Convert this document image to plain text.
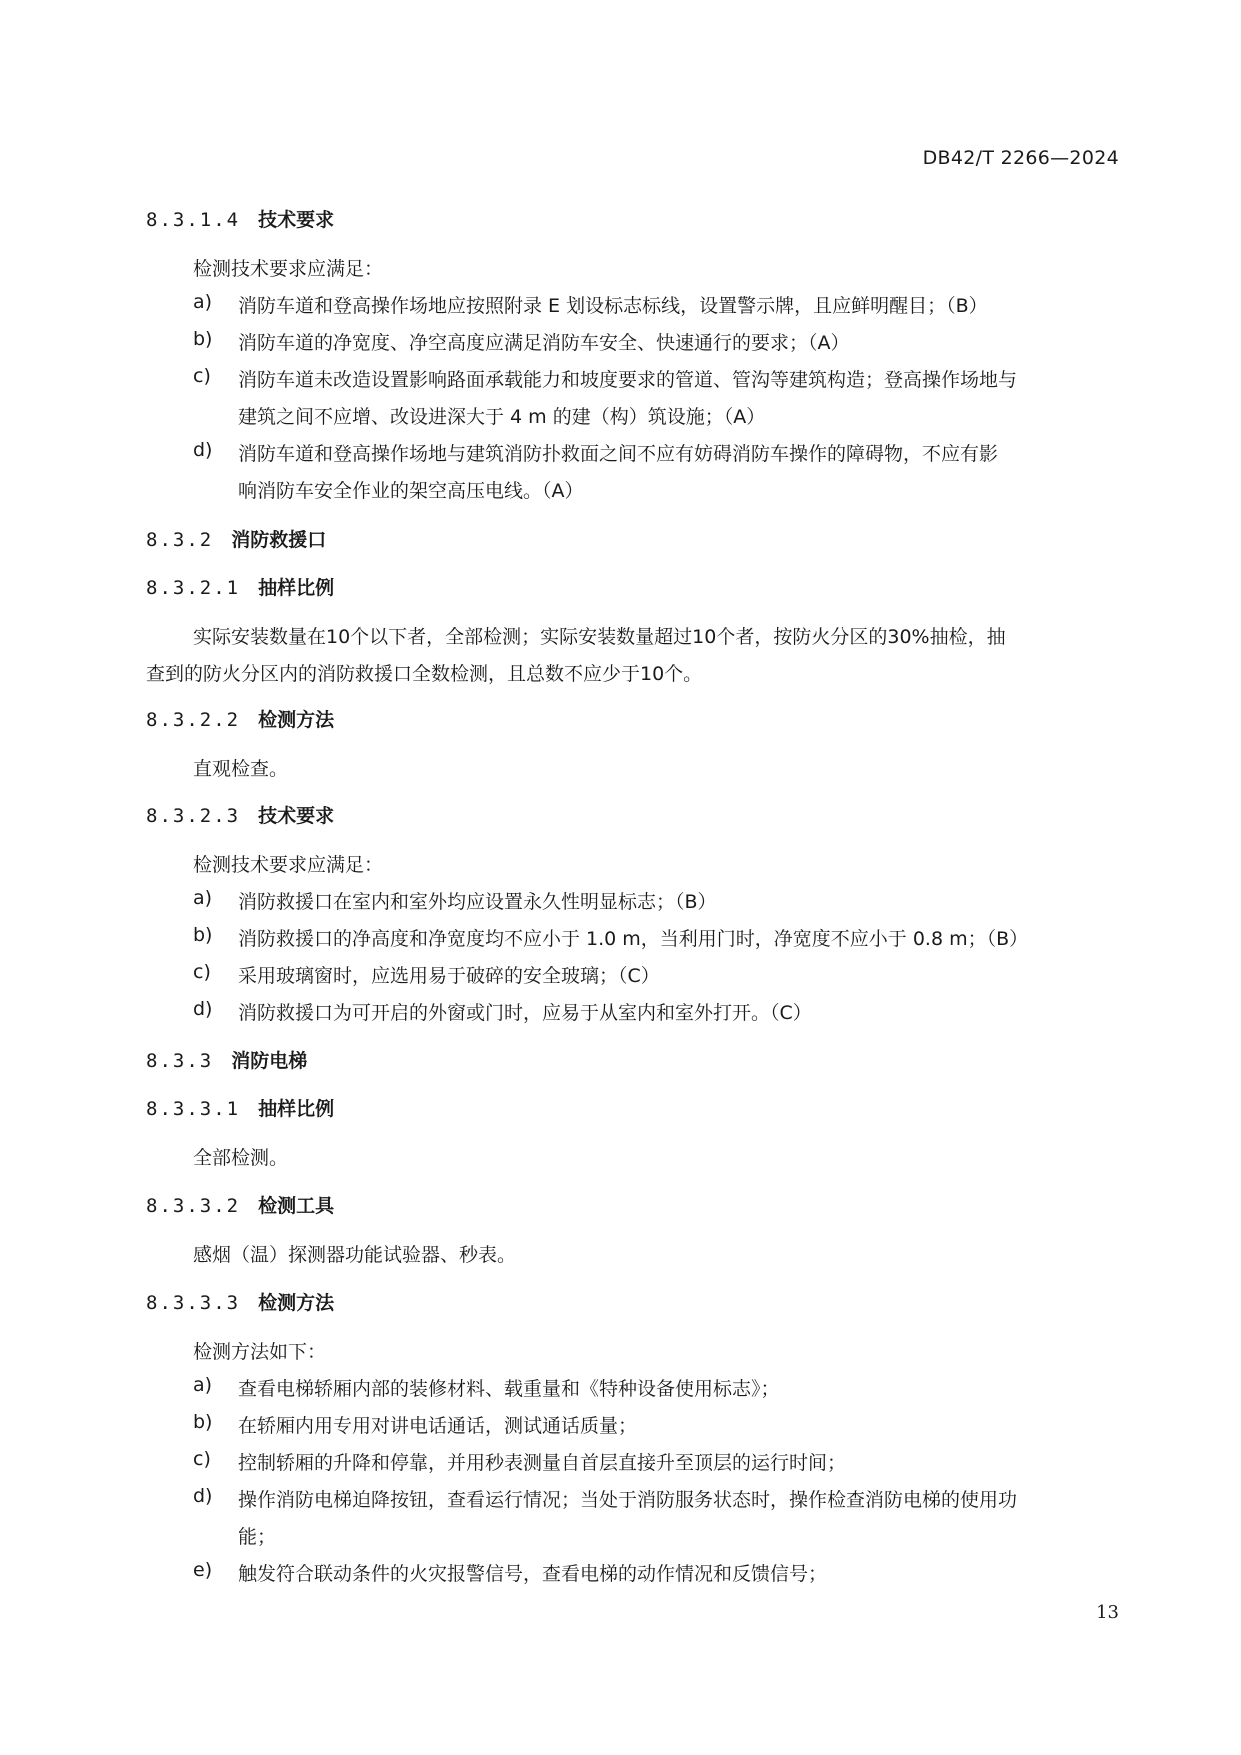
DB42/T 2266—2024
8.3.1.4 技术要求
检测技术要求应满足：
a) 消防车道和登高操作场地应按照附录 E 划设标志标线，设置警示牌，且应鲜明醒目；（B）
b) 消防车道的净宽度、净空高度应满足消防车安全、快速通行的要求；（A）
c) 消防车道未改造设置影响路面承载能力和坡度要求的管道、管沟等建筑构造；登高操作场地与
建筑之间不应增、改设进深大于 4 m 的建（构）筑设施；（A）
d) 消防车道和登高操作场地与建筑消防扑救面之间不应有妨碍消防车操作的障碍物，不应有影
响消防车安全作业的架空高压电线。（A）
8.3.2 消防救援口
8.3.2.1 抽样比例
实际安装数量在10个以下者，全部检测；实际安装数量超过10个者，按防火分区的30%抽检，抽
查到的防火分区内的消防救援口全数检测，且总数不应少于10个。
8.3.2.2 检测方法
直观检查。
8.3.2.3 技术要求
检测技术要求应满足：
a) 消防救援口在室内和室外均应设置永久性明显标志；（B）
b) 消防救援口的净高度和净宽度均不应小于 1.0 m，当利用门时，净宽度不应小于 0.8 m；（B）
c) 采用玻璃窗时，应选用易于破碎的安全玻璃；（C）
d) 消防救援口为可开启的外窗或门时，应易于从室内和室外打开。（C）
8.3.3 消防电梯
8.3.3.1 抽样比例
全部检测。
8.3.3.2 检测工具
感烟（温）探测器功能试验器、秒表。
8.3.3.3 检测方法
检测方法如下：
a) 查看电梯轿厢内部的装修材料、载重量和《特种设备使用标志》；
b) 在轿厢内用专用对讲电话通话，测试通话质量；
c) 控制轿厢的升降和停靠，并用秒表测量自首层直接升至顶层的运行时间；
d) 操作消防电梯迫降按钮，查看运行情况；当处于消防服务状态时，操作检查消防电梯的使用功
能；
e) 触发符合联动条件的火灾报警信号，查看电梯的动作情况和反馈信号；
13
